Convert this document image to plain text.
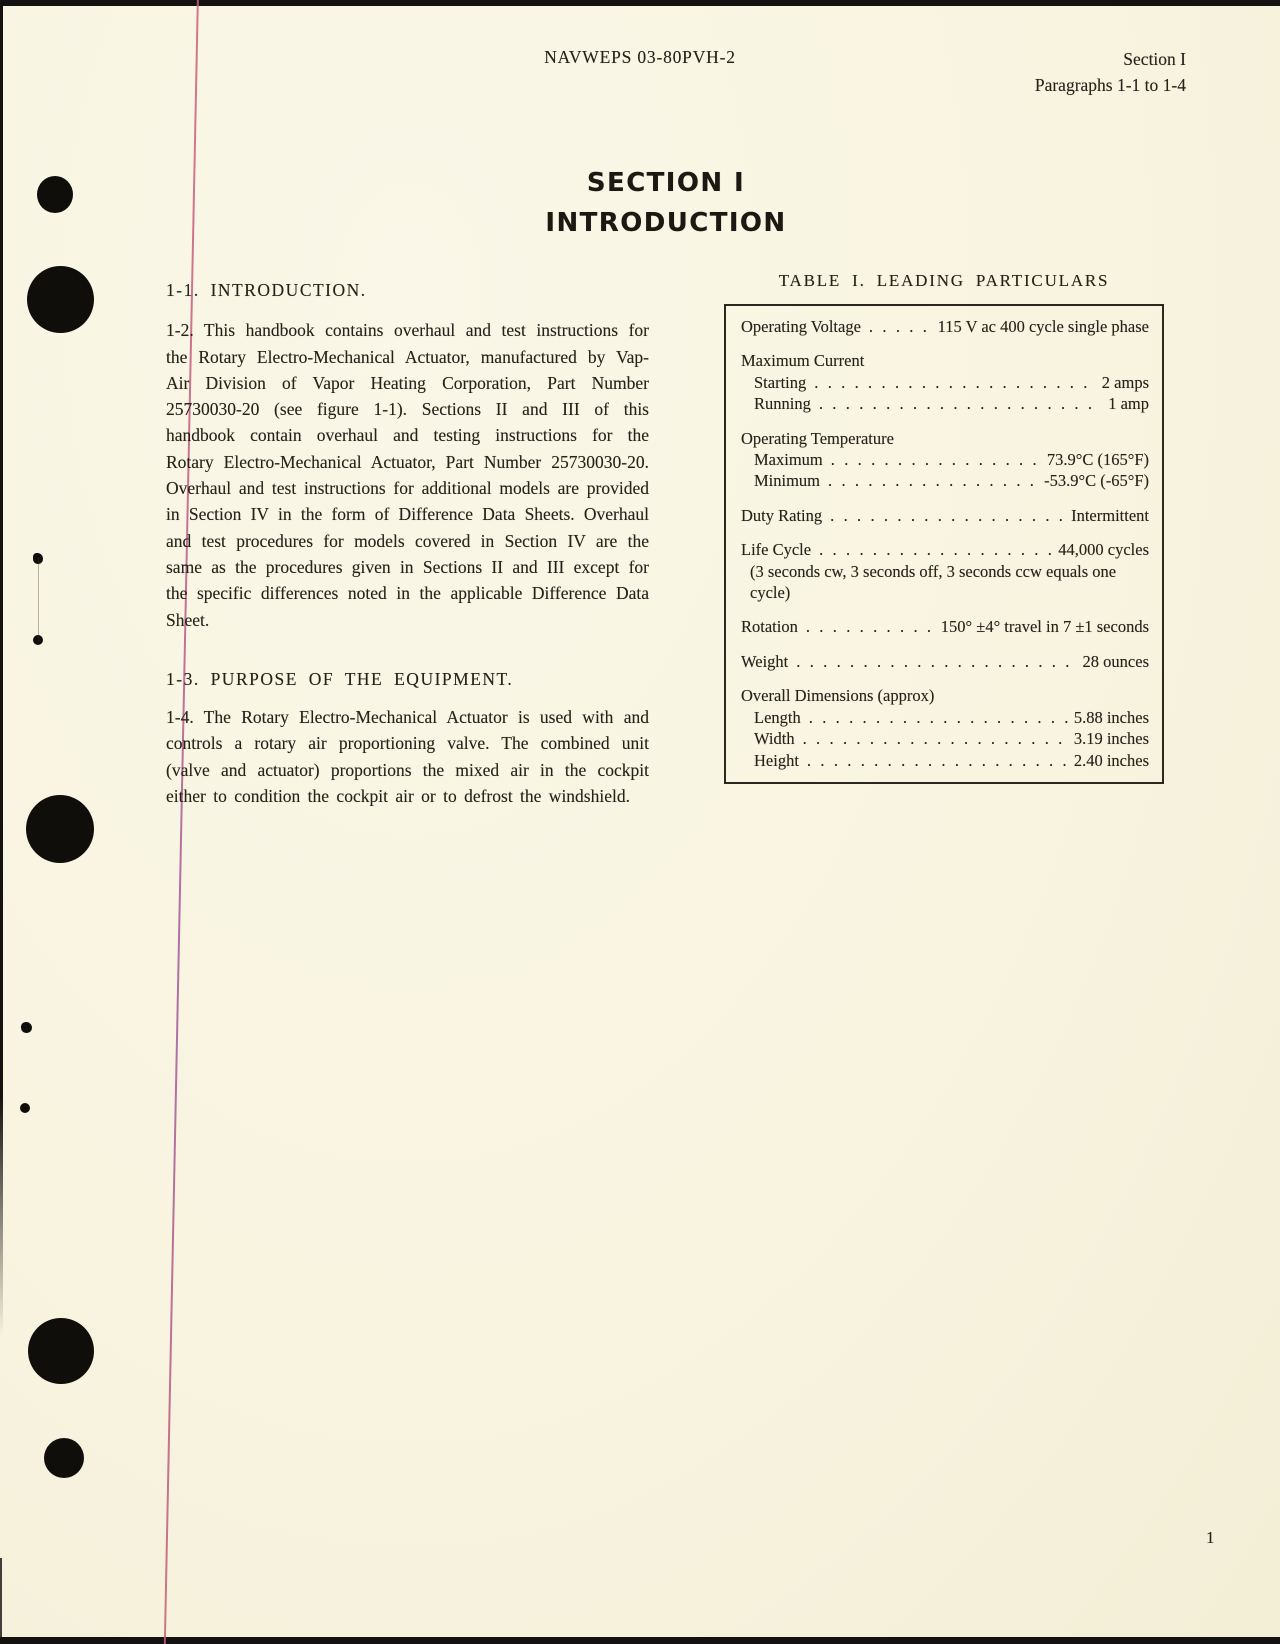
NAVWEPS 03-80PVH-2	Section I
Paragraphs 1-1 to 1-4
SECTION I
INTRODUCTION
1-1. INTRODUCTION.

1-2. This handbook contains overhaul and test instructions for the Rotary Electro-Mechanical Actuator, manufactured by Vap-Air Division of Vapor Heating Corporation, Part Number 25730030-20 (see figure 1-1). Sections II and III of this handbook contain overhaul and testing instructions for the Rotary Electro-Mechanical Actuator, Part Number 25730030-20. Overhaul and test instructions for additional models are provided in Section IV in the form of Difference Data Sheets. Overhaul and test procedures for models covered in Section IV are the same as the procedures given in Sections II and III except for the specific differences noted in the applicable Difference Data Sheet.

1-3. PURPOSE OF THE EQUIPMENT.

1-4. The Rotary Electro-Mechanical Actuator is used with and controls a rotary air proportioning valve. The combined unit (valve and actuator) proportions the mixed air in the cockpit either to condition the cockpit air or to defrost the windshield.

TABLE I. LEADING PARTICULARS
Operating Voltage . . .	115 V ac 400 cycle single phase
Maximum Current
Starting . . .	2 amps
Running . . .	1 amp
Operating Temperature
Maximum . . .	73.9°C (165°F)
Minimum . . .	-53.9°C (-65°F)
Duty Rating . . .	Intermittent
Life Cycle . . .	44,000 cycles
(3 seconds cw, 3 seconds off, 3 seconds ccw equals one cycle)
Rotation . . .	150° ±4° travel in 7 ±1 seconds
Weight . . .	28 ounces
Overall Dimensions (approx)
Length . . .	5.88 inches
Width . . .	3.19 inches
Height . . .	2.40 inches
1
